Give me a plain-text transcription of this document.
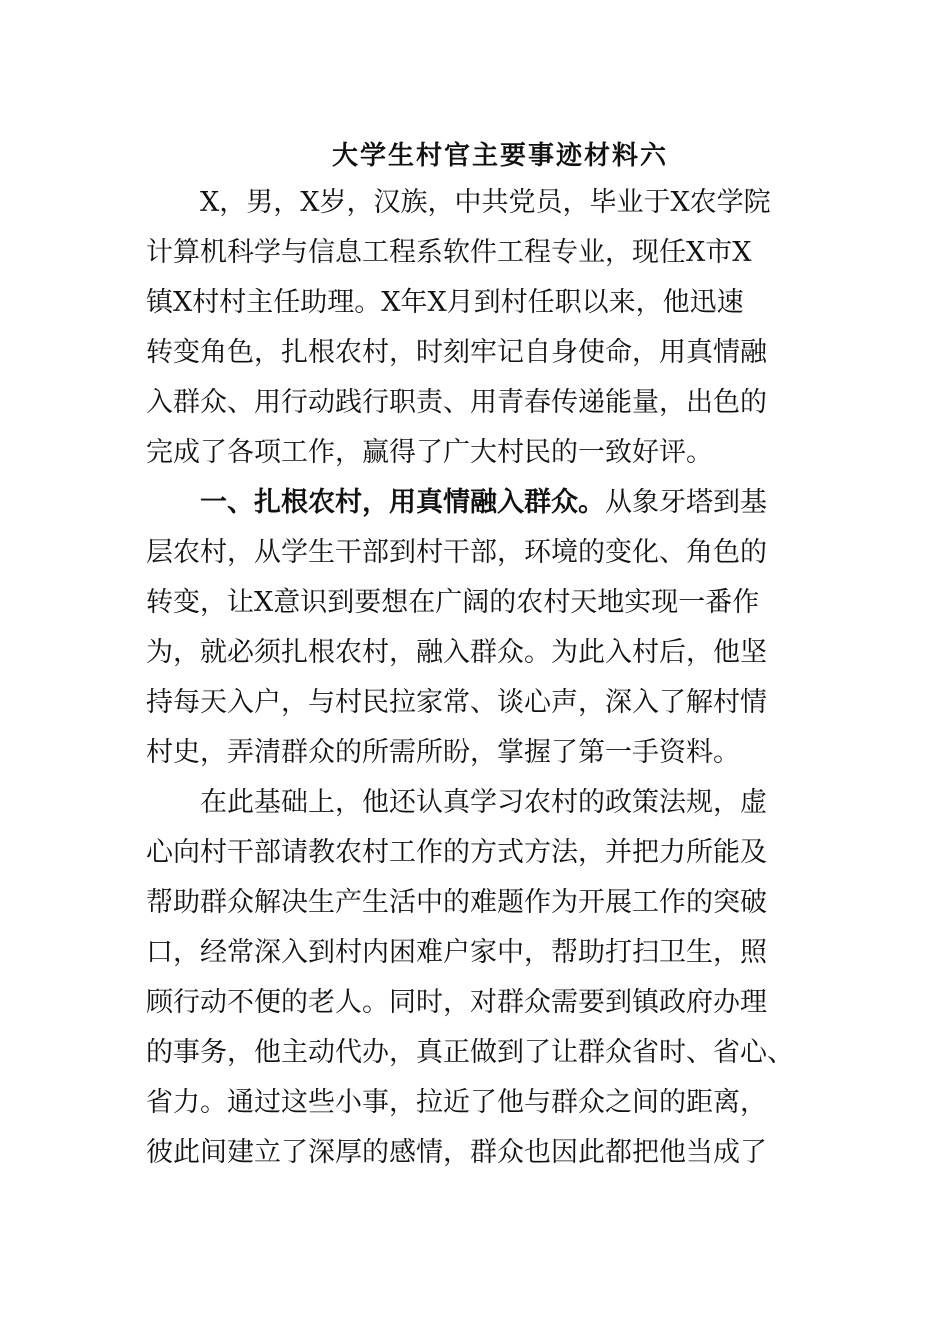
大学生村官主要事迹材料六
X，男，X岁，汉族，中共党员，毕业于X农学院
计算机科学与信息工程系软件工程专业，现任X市X
镇X村村主任助理。X年X月到村任职以来，他迅速
转变角色，扎根农村，时刻牢记自身使命，用真情融
入群众、用行动践行职责、用青春传递能量，出色的
完成了各项工作，赢得了广大村民的一致好评。
一、扎根农村，用真情融入群众。从象牙塔到基
层农村，从学生干部到村干部，环境的变化、角色的
转变，让X意识到要想在广阔的农村天地实现一番作
为，就必须扎根农村，融入群众。为此入村后，他坚
持每天入户，与村民拉家常、谈心声，深入了解村情
村史，弄清群众的所需所盼，掌握了第一手资料。
在此基础上，他还认真学习农村的政策法规，虚
心向村干部请教农村工作的方式方法，并把力所能及
帮助群众解决生产生活中的难题作为开展工作的突破
口，经常深入到村内困难户家中，帮助打扫卫生，照
顾行动不便的老人。同时，对群众需要到镇政府办理
的事务，他主动代办，真正做到了让群众省时、省心、
省力。通过这些小事，拉近了他与群众之间的距离，
彼此间建立了深厚的感情，群众也因此都把他当成了
